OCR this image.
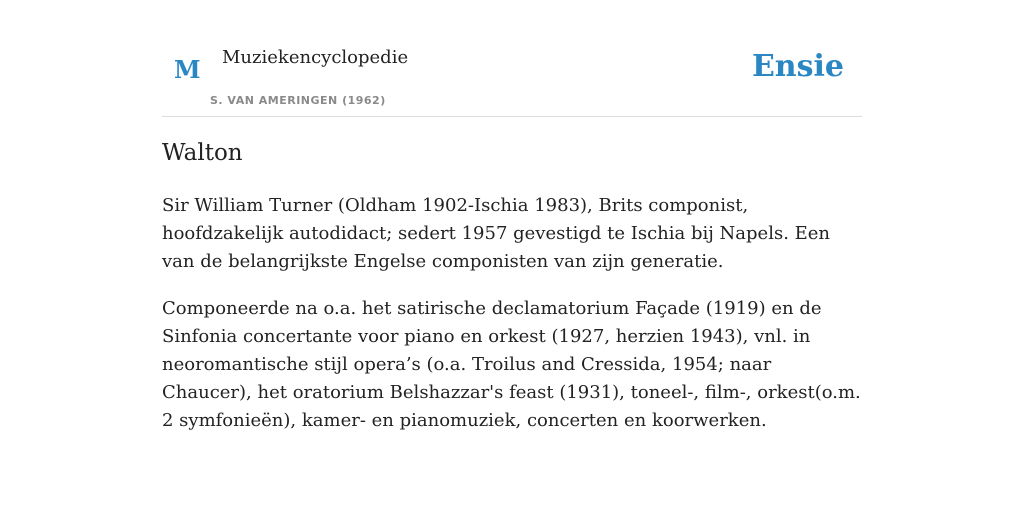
M Muziekencyclopedie
S. VAN AMERINGEN (1962)
Ensie
Walton

Sir William Turner (Oldham 1902-Ischia 1983), Brits componist, hoofdzakelijk autodidact; sedert 1957 gevestigd te Ischia bij Napels. Een van de belangrijkste Engelse componisten van zijn generatie.

Componeerde na o.a. het satirische declamatorium Façade (1919) en de Sinfonia concertante voor piano en orkest (1927, herzien 1943), vnl. in neoromantische stijl opera’s (o.a. Troilus and Cressida, 1954; naar Chaucer), het oratorium Belshazzar's feast (1931), toneel-, film-, orkest(o.m. 2 symfonieën), kamer- en pianomuziek, concerten en koorwerken.
